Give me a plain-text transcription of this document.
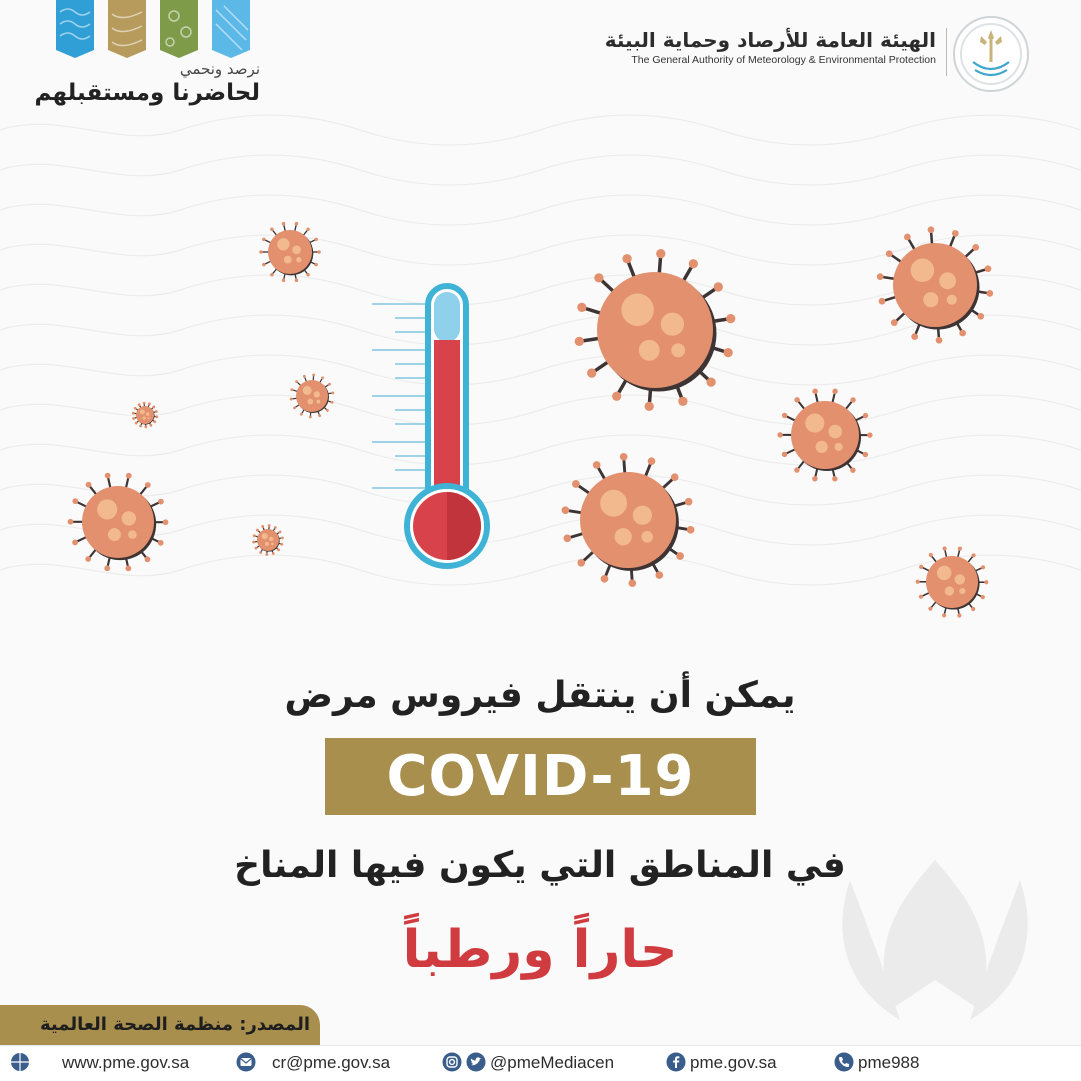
نرصد ونحمي
لحاضرنا ومستقبلهم
الهيئة العامة للأرصاد وحماية البيئة
The General Authority of Meteorology & Environmental Protection
يمكن أن ينتقل فيروس مرض
COVID-19
في المناطق التي يكون فيها المناخ
حاراً ورطباً
المصدر: منظمة الصحة العالمية
www.pme.gov.sa	cr@pme.gov.sa	@pmeMediacen	pme.gov.sa	pme988
